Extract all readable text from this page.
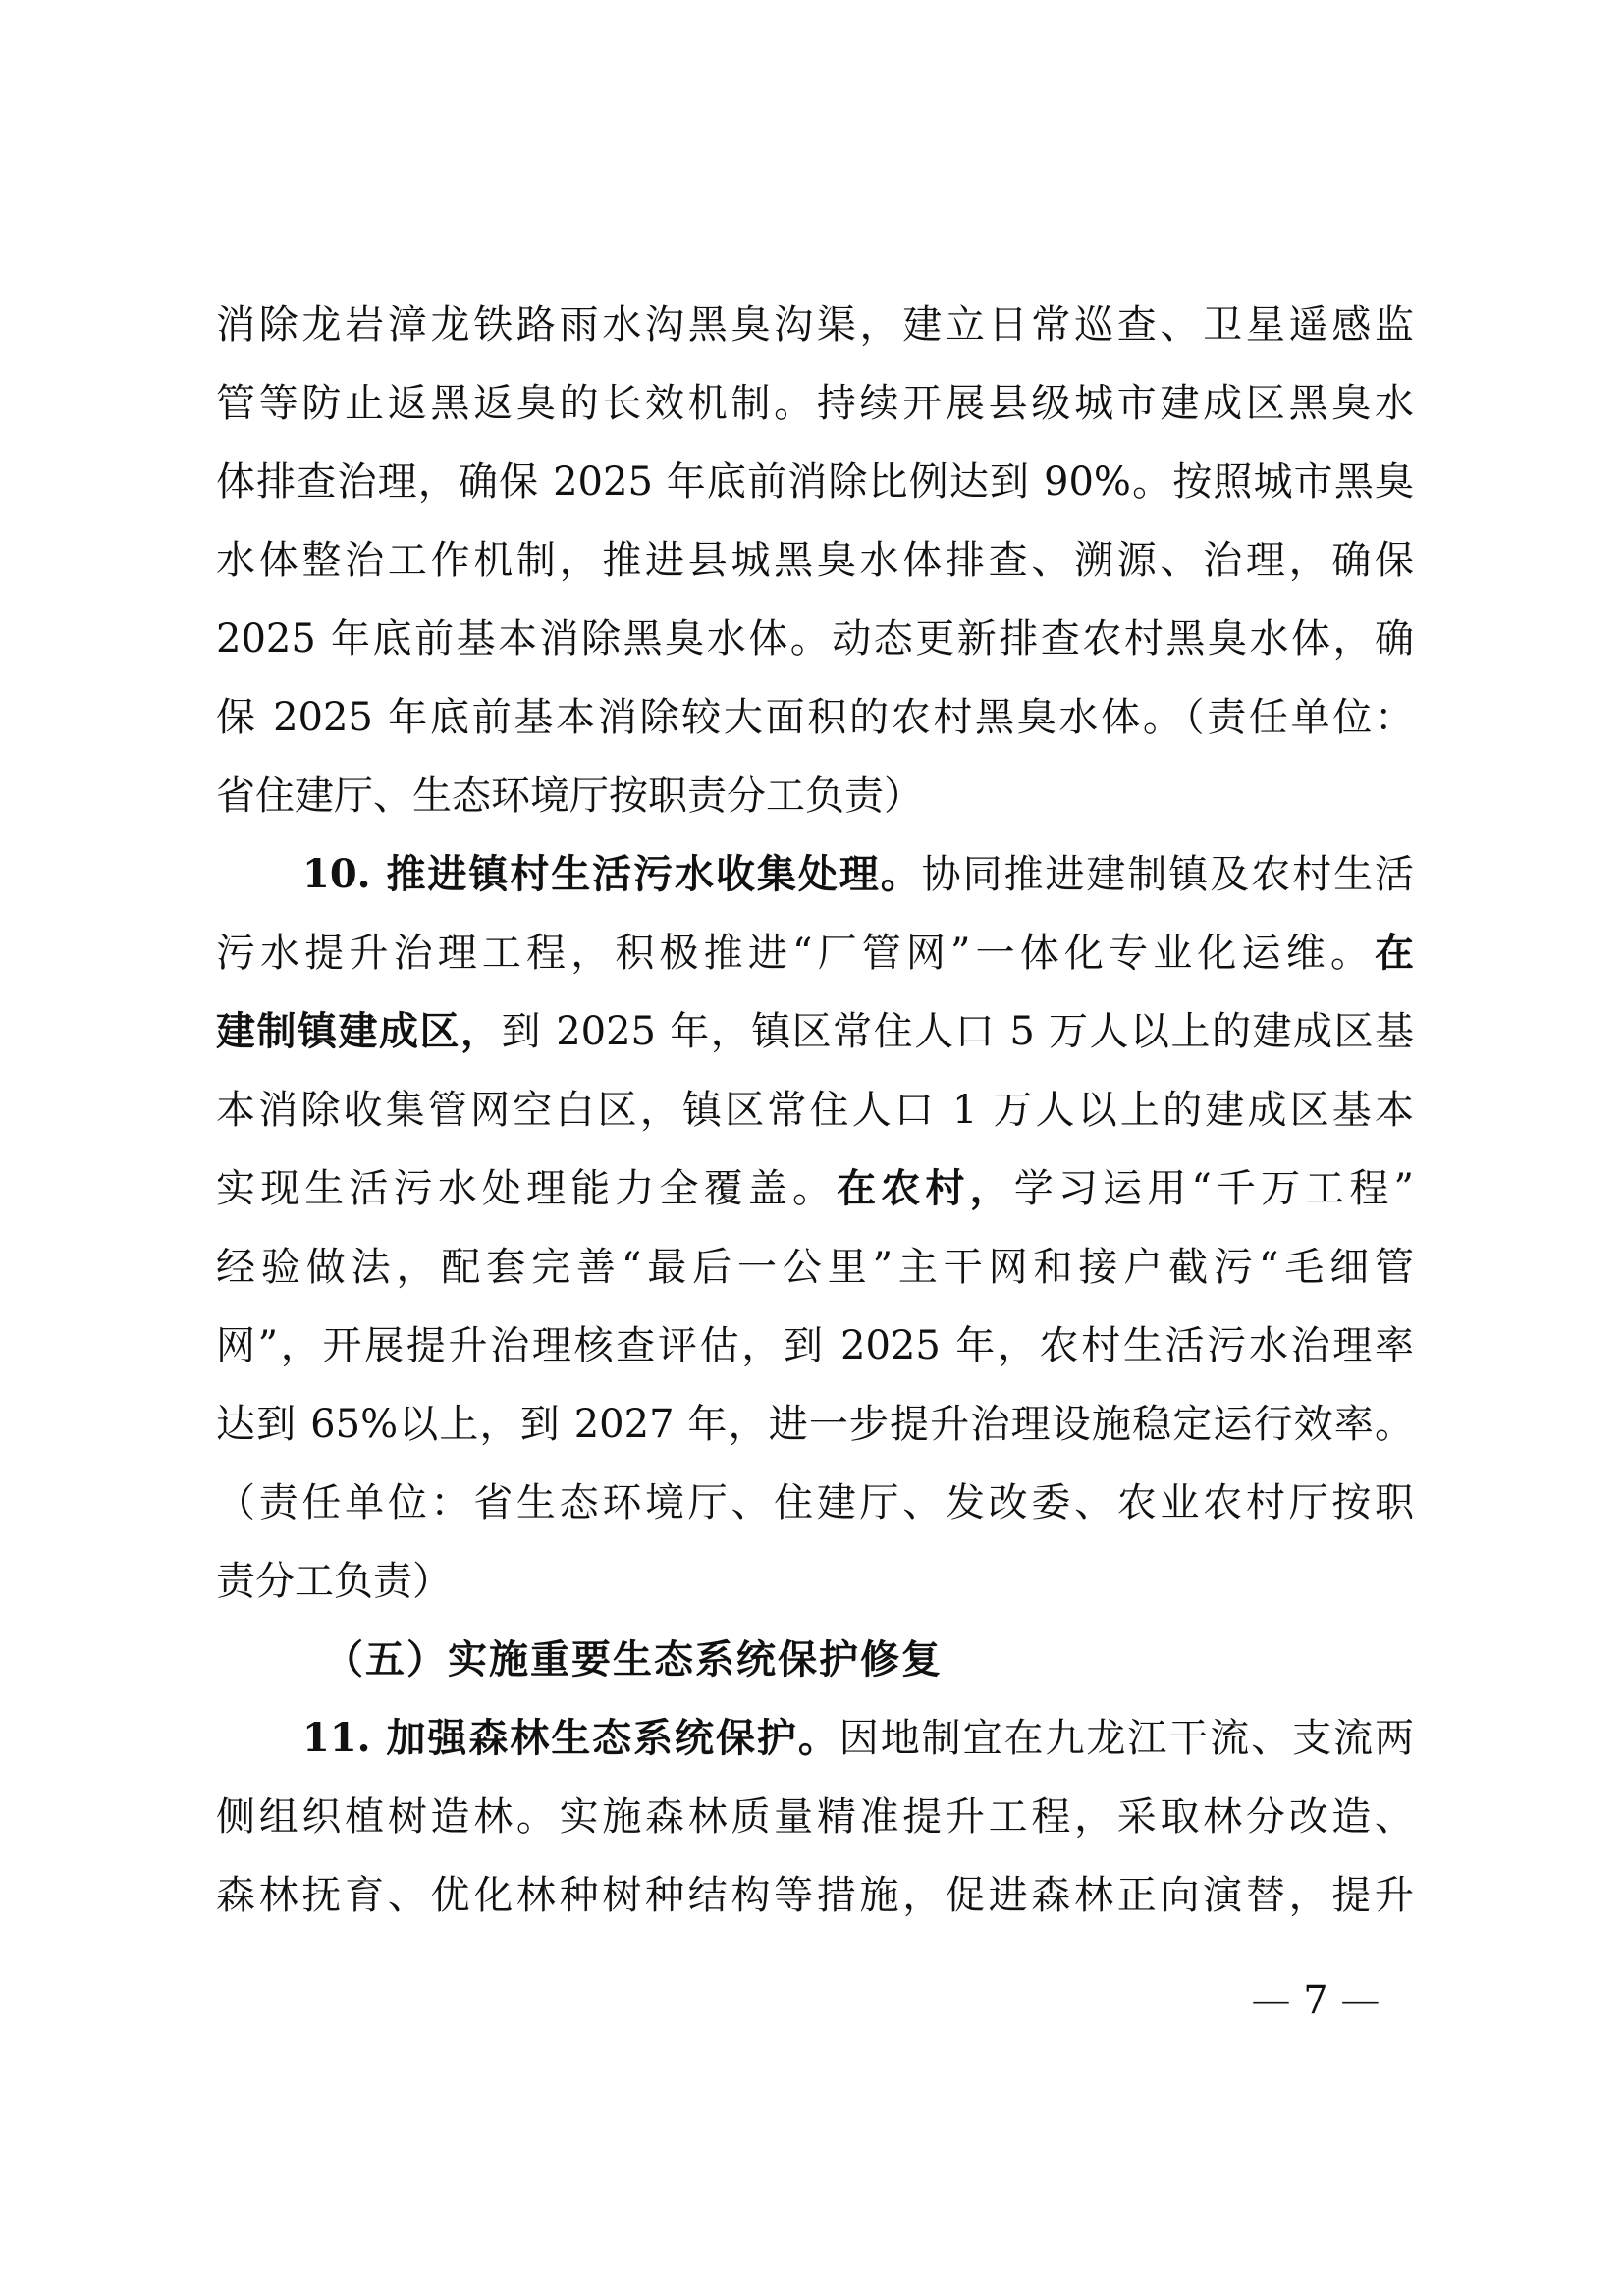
消除龙岩漳龙铁路雨水沟黑臭沟渠，建立日常巡查、卫星遥感监
管等防止返黑返臭的长效机制。持续开展县级城市建成区黑臭水
体排查治理，确保 2025 年底前消除比例达到 90%。按照城市黑臭
水体整治工作机制，推进县城黑臭水体排查、溯源、治理，确保
2025 年底前基本消除黑臭水体。动态更新排查农村黑臭水体，确
保 2025 年底前基本消除较大面积的农村黑臭水体。（责任单位：
省住建厅、生态环境厅按职责分工负责）
10. 推进镇村生活污水收集处理。协同推进建制镇及农村生活
污水提升治理工程，积极推进“厂管网”一体化专业化运维。在
建制镇建成区，到 2025 年，镇区常住人口 5 万人以上的建成区基
本消除收集管网空白区，镇区常住人口 1 万人以上的建成区基本
实现生活污水处理能力全覆盖。在农村，学习运用“千万工程”
经验做法，配套完善“最后一公里”主干网和接户截污“毛细管
网”，开展提升治理核查评估，到 2025 年，农村生活污水治理率
达到 65%以上，到 2027 年，进一步提升治理设施稳定运行效率。
（责任单位：省生态环境厅、住建厅、发改委、农业农村厅按职
责分工负责）
（五）实施重要生态系统保护修复
11. 加强森林生态系统保护。因地制宜在九龙江干流、支流两
侧组织植树造林。实施森林质量精准提升工程，采取林分改造、
森林抚育、优化林种树种结构等措施，促进森林正向演替，提升
— 7 —
